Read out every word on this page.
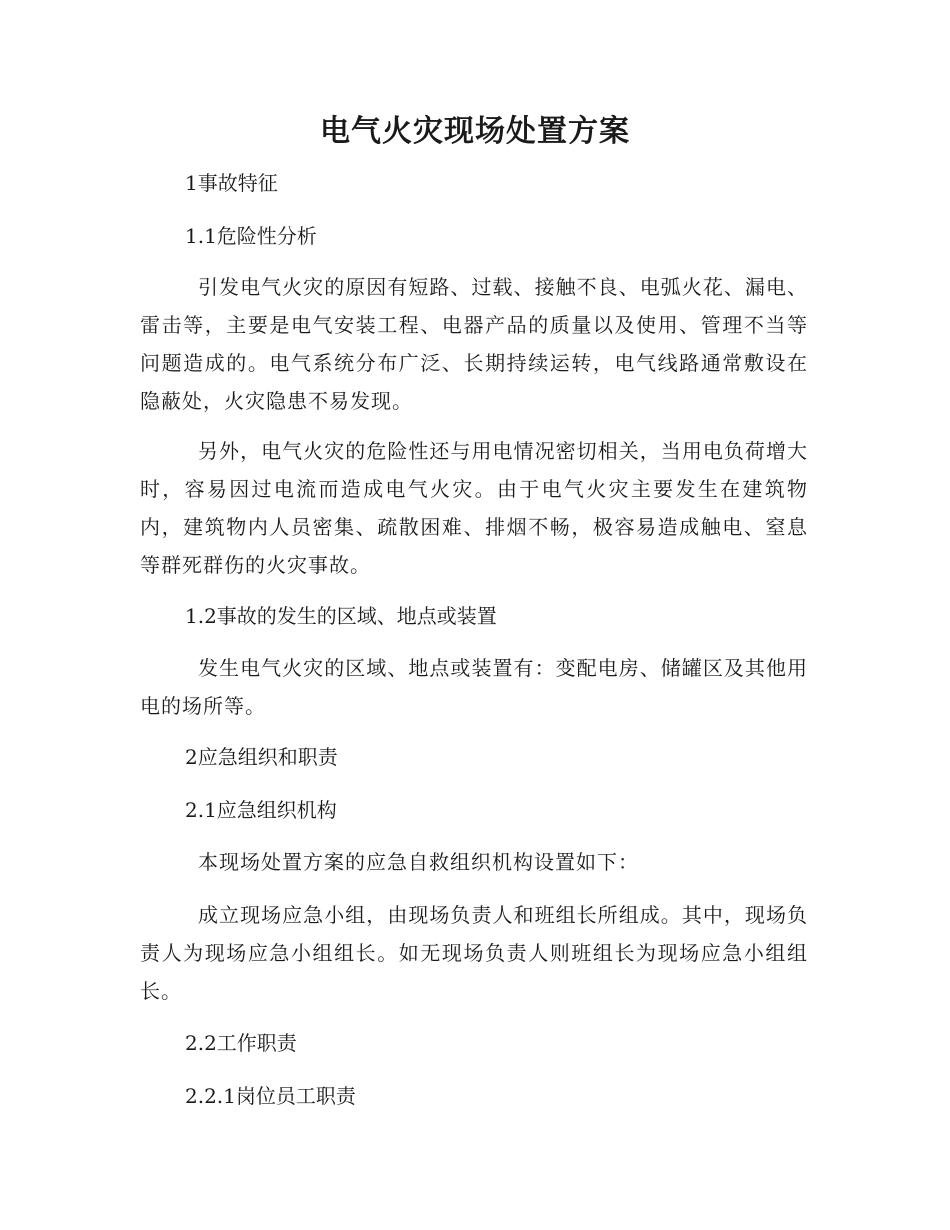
电气火灾现场处置方案
1事故特征
1.1危险性分析
引发电气火灾的原因有短路、过载、接触不良、电弧火花、漏电、雷击等，主要是电气安装工程、电器产品的质量以及使用、管理不当等问题造成的。电气系统分布广泛、长期持续运转，电气线路通常敷设在隐蔽处，火灾隐患不易发现。
另外，电气火灾的危险性还与用电情况密切相关，当用电负荷增大时，容易因过电流而造成电气火灾。由于电气火灾主要发生在建筑物内，建筑物内人员密集、疏散困难、排烟不畅，极容易造成触电、窒息等群死群伤的火灾事故。
1.2事故的发生的区域、地点或装置
发生电气火灾的区域、地点或装置有：变配电房、储罐区及其他用电的场所等。
2应急组织和职责
2.1应急组织机构
本现场处置方案的应急自救组织机构设置如下：
成立现场应急小组，由现场负责人和班组长所组成。其中，现场负责人为现场应急小组组长。如无现场负责人则班组长为现场应急小组组长。
2.2工作职责
2.2.1岗位员工职责
